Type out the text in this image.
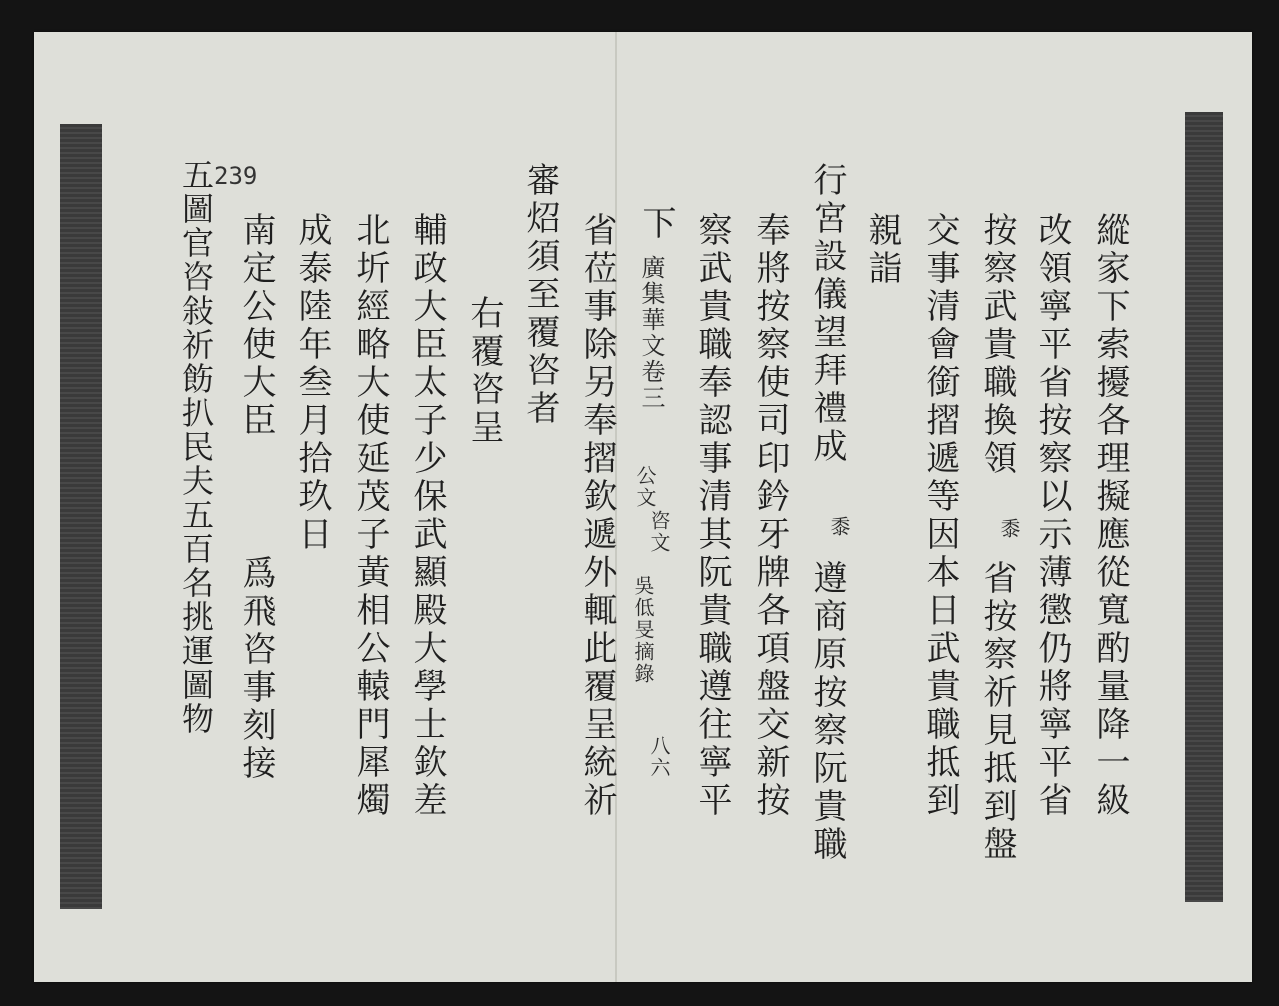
239
縱家下索擾各理擬應從寬酌量降一級
改領寧平省按察以示薄懲仍將寧平省
按察武貴職換領
省按察祈見抵到盤
交事清會銜摺遞等因本日武貴職抵到
親詣
行宮設儀望拜禮成
遵商原按察阮貴職
奉將按察使司印鈐牙牌各項盤交新按
察武貴職奉認事清其阮貴職遵往寧平
下
廣集華文卷三
公文
咨文
吳低旻摘錄
八六
黍	黍
省莅事除另奉摺欽遞外輒此覆呈統祈
審炤須至覆咨者
右覆咨呈
輔政大臣太子少保武顯殿大學士欽差
北圻經略大使延茂子黃相公轅門犀燭
成泰陸年叁月拾玖日
南定公使大臣
爲飛咨事刻接
五圖官咨敍祈飭扒民夫五百名挑運圖物
